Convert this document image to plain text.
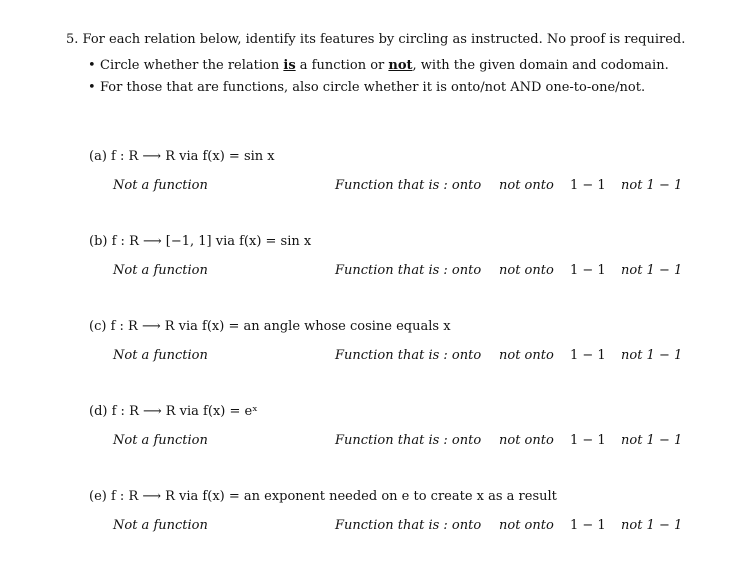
5. For each relation below, identify its features by circling as instructed. No proof is required.
• Circle whether the relation is a function or not, with the given domain and codomain.
• For those that are functions, also circle whether it is onto/not AND one-to-one/not.
(a) f : R ⟶ R via f(x) = sin x
Not a function	Function that is : onto not onto 1 − 1 not 1 − 1
(b) f : R ⟶ [−1, 1] via f(x) = sin x
Not a function	Function that is : onto not onto 1 − 1 not 1 − 1
(c) f : R ⟶ R via f(x) = an angle whose cosine equals x
Not a function	Function that is : onto not onto 1 − 1 not 1 − 1
(d) f : R ⟶ R via f(x) = eˣ
Not a function	Function that is : onto not onto 1 − 1 not 1 − 1
(e) f : R ⟶ R via f(x) = an exponent needed on e to create x as a result
Not a function	Function that is : onto not onto 1 − 1 not 1 − 1
